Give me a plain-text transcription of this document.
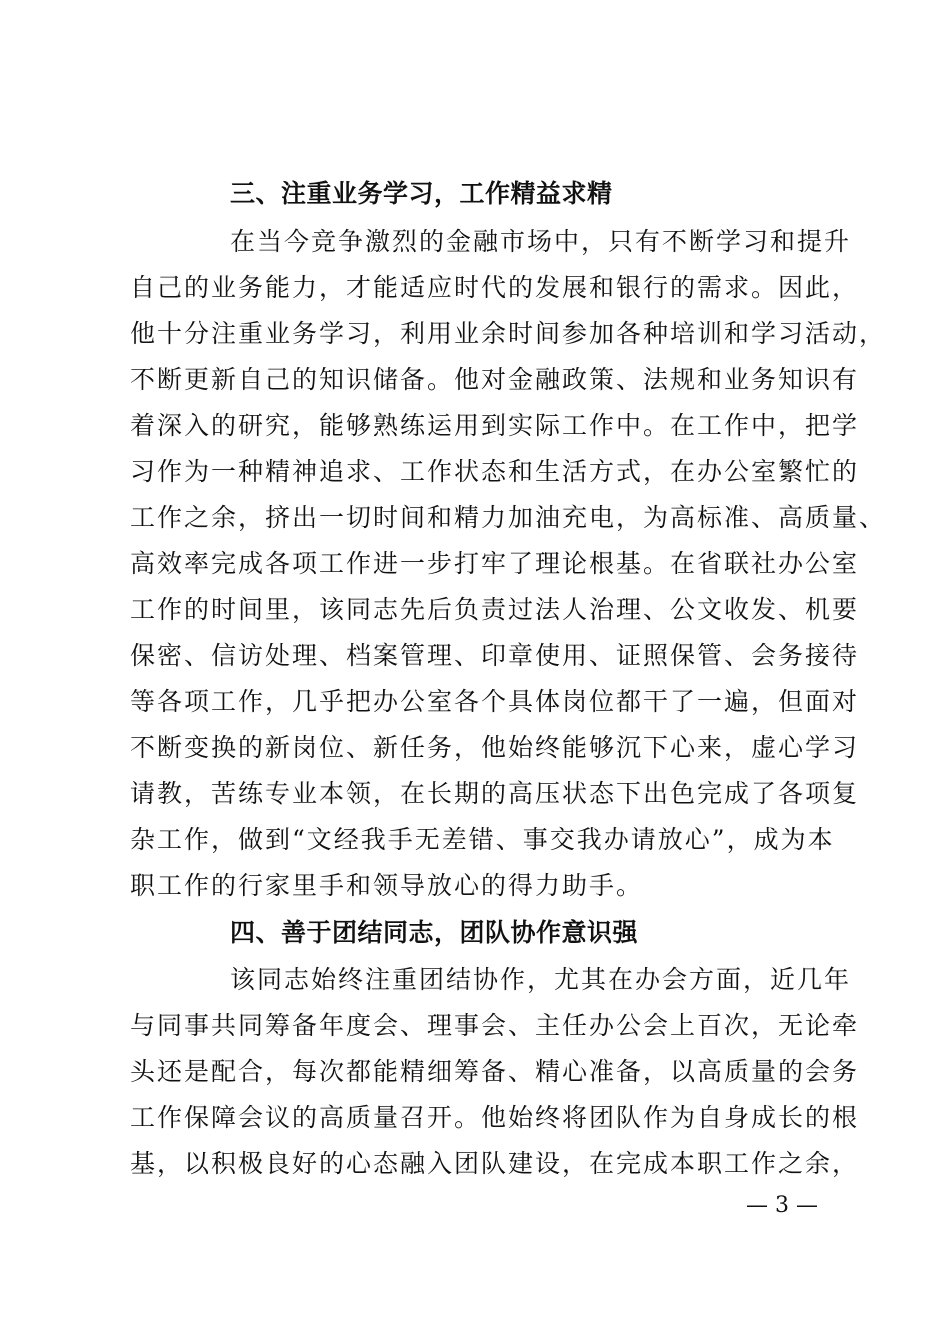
三、注重业务学习，工作精益求精

在当今竞争激烈的金融市场中，只有不断学习和提升

自己的业务能力，才能适应时代的发展和银行的需求。因此，

他十分注重业务学习，利用业余时间参加各种培训和学习活动，

不断更新自己的知识储备。他对金融政策、法规和业务知识有

着深入的研究，能够熟练运用到实际工作中。在工作中，把学

习作为一种精神追求、工作状态和生活方式，在办公室繁忙的

工作之余，挤出一切时间和精力加油充电，为高标准、高质量、

高效率完成各项工作进一步打牢了理论根基。在省联社办公室

工作的时间里，该同志先后负责过法人治理、公文收发、机要

保密、信访处理、档案管理、印章使用、证照保管、会务接待

等各项工作，几乎把办公室各个具体岗位都干了一遍，但面对

不断变换的新岗位、新任务，他始终能够沉下心来，虚心学习

请教，苦练专业本领，在长期的高压状态下出色完成了各项复

杂工作，做到“文经我手无差错、事交我办请放心”，成为本

职工作的行家里手和领导放心的得力助手。

四、善于团结同志，团队协作意识强

该同志始终注重团结协作，尤其在办会方面，近几年

与同事共同筹备年度会、理事会、主任办公会上百次，无论牵

头还是配合，每次都能精细筹备、精心准备，以高质量的会务

工作保障会议的高质量召开。他始终将团队作为自身成长的根

基，以积极良好的心态融入团队建设，在完成本职工作之余，

— 3 —
